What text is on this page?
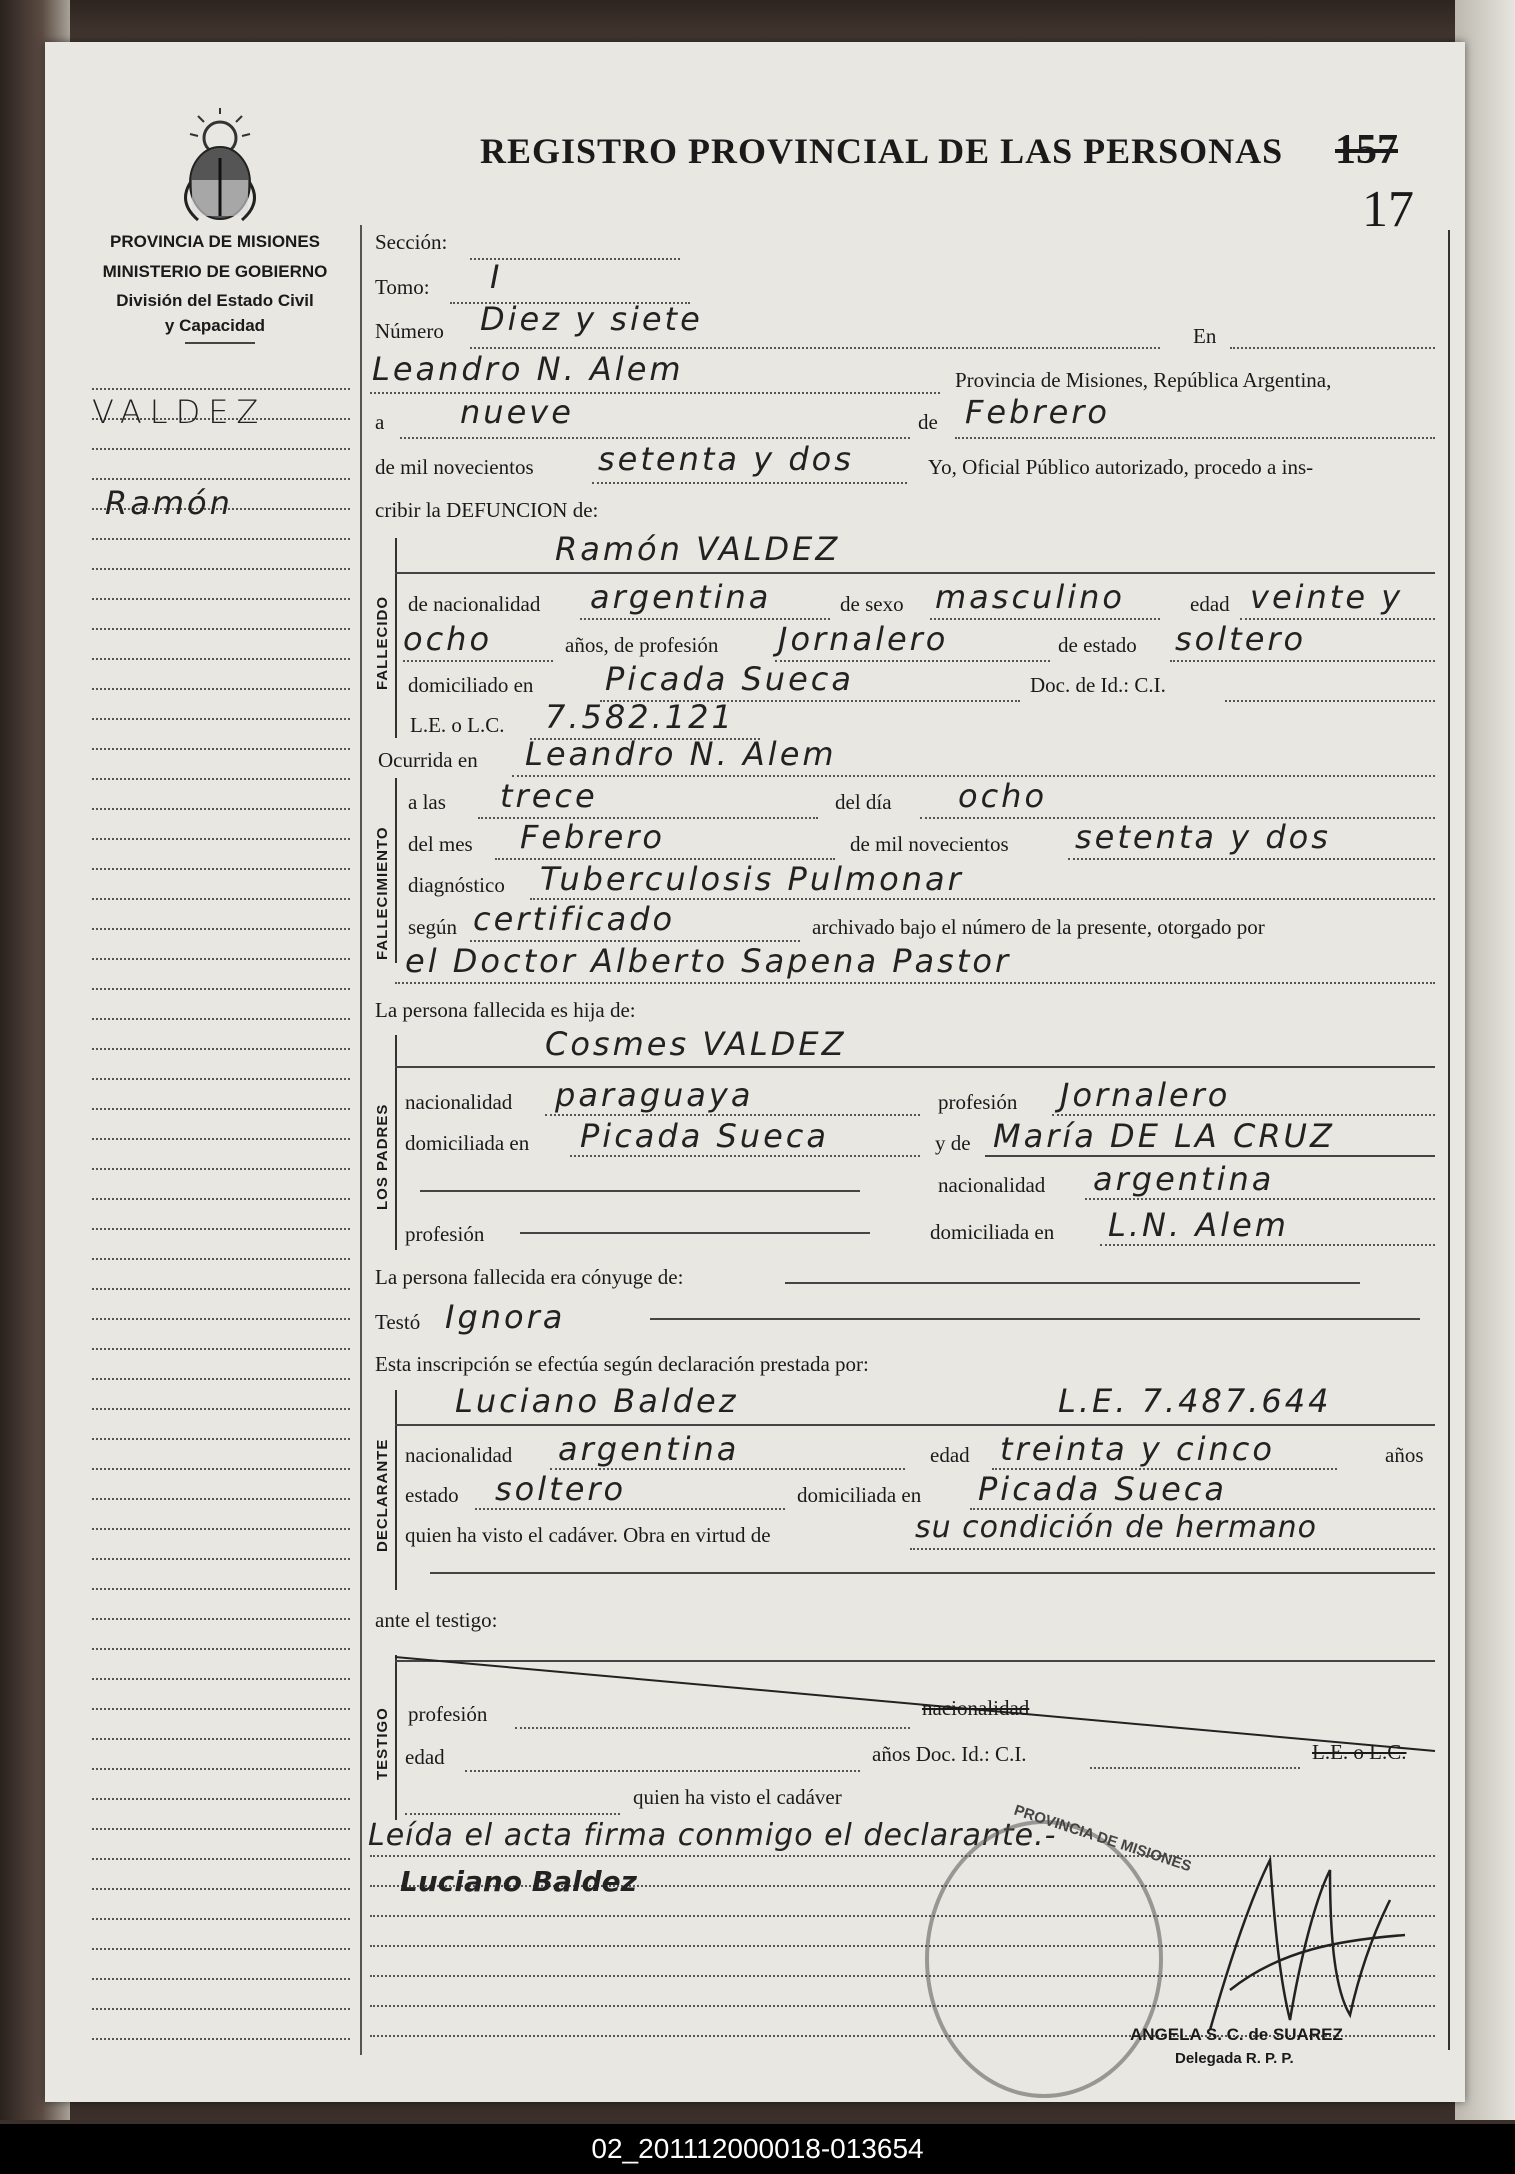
PROVINCIA DE MISIONES
MINISTERIO DE GOBIERNO
División del Estado Civil
y Capacidad
REGISTRO PROVINCIAL DE LAS PERSONAS 157
17
VALDEZ
Ramón
Sección:
Tomo: I
Número Diez y siete	En
Leandro N. Alem	Provincia de Misiones, República Argentina,
a nueve	de Febrero
de mil novecientos setenta y dos	Yo, Oficial Público autorizado, procedo a ins-
cribir la DEFUNCION de:
FALLECIDO
Ramón VALDEZ
de nacionalidad argentina	de sexo masculino	edad veinte y
ocho	años, de profesión Jornalero	de estado soltero
domiciliado en Picada Sueca	Doc. de Id.: C.I.
L.E. o L.C. 7.582.121
Ocurrida en Leandro N. Alem
FALLECIMIENTO
a las trece	del día ocho
del mes Febrero	de mil novecientos setenta y dos
diagnóstico Tuberculosis Pulmonar
según certificado	archivado bajo el número de la presente, otorgado por
el Doctor Alberto Sapena Pastor
La persona fallecida es hija de:
LOS PADRES
Cosmes VALDEZ
nacionalidad paraguaya	profesión Jornalero
domiciliada en Picada Sueca	y de María DE LA CRUZ
nacionalidad argentina
profesión	domiciliada en L.N. Alem
La persona fallecida era cónyuge de:
Testó Ignora
Esta inscripción se efectúa según declaración prestada por:
DECLARANTE
Luciano Baldez	L.E. 7.487.644
nacionalidad argentina	edad treinta y cinco	años
estado soltero	domiciliada en Picada Sueca
quien ha visto el cadáver. Obra en virtud de	su condición de hermano
ante el testigo:
TESTIGO profesión	nacionalidad
edad	años Doc. Id.: C.I.	L.E. o L.C.
quien ha visto el cadáver
Leída el acta firma conmigo el declarante.-
Luciano Baldez
PROVINCIA DE MISIONES
ANGELA S. C. de SUAREZ
Delegada R. P. P.
02_201112000018-013654
